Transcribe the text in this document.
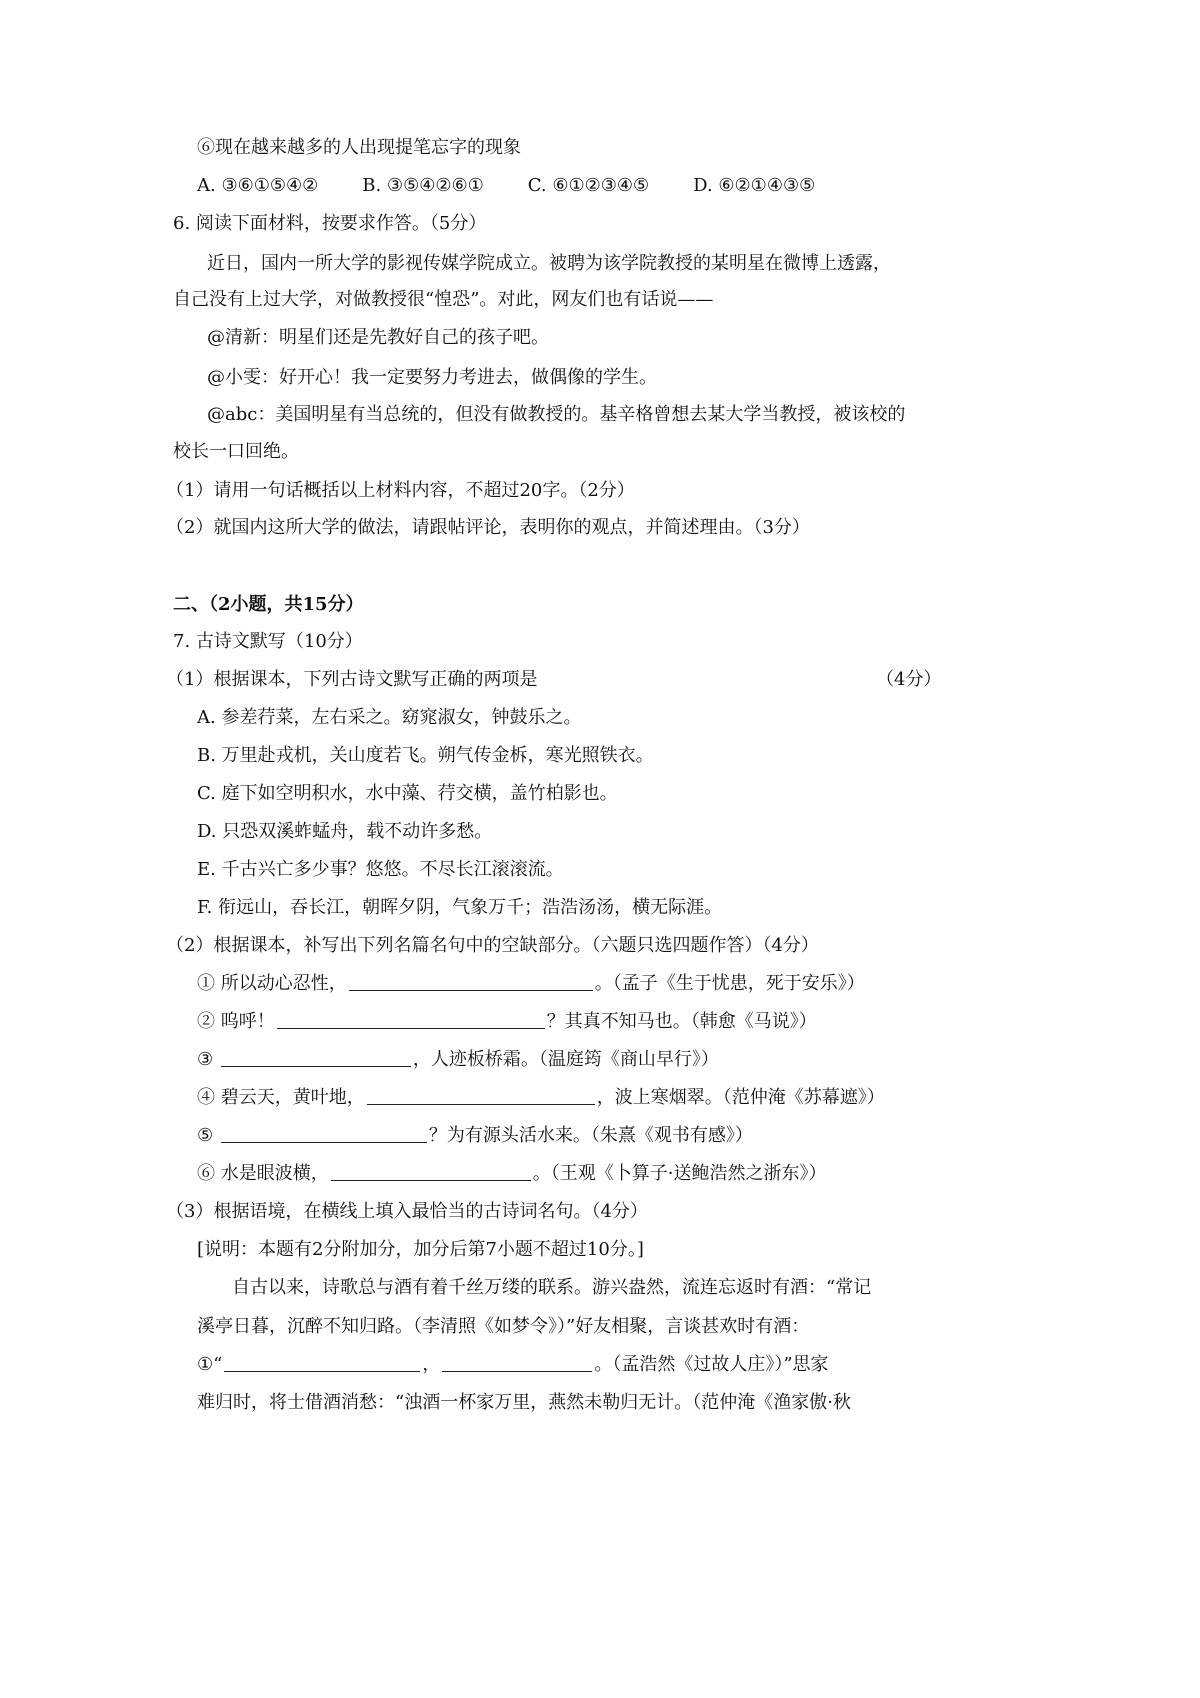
⑥现在越来越多的人出现提笔忘字的现象
A. ③⑥①⑤④② B. ③⑤④②⑥① C. ⑥①②③④⑤ D. ⑥②①④③⑤
6. 阅读下面材料，按要求作答。（5分）
近日，国内一所大学的影视传媒学院成立。被聘为该学院教授的某明星在微博上透露，
自己没有上过大学，对做教授很“惶恐”。对此，网友们也有话说——
@清新：明星们还是先教好自己的孩子吧。
@小雯：好开心！我一定要努力考进去，做偶像的学生。
@abc：美国明星有当总统的，但没有做教授的。基辛格曾想去某大学当教授，被该校的
校长一口回绝。
（1）请用一句话概括以上材料内容，不超过20字。（2分）
（2）就国内这所大学的做法，请跟帖评论，表明你的观点，并简述理由。（3分）
二、（2小题，共15分）
7. 古诗文默写（10分）
（1）根据课本，下列古诗文默写正确的两项是	（4分）
A. 参差荇菜，左右采之。窈窕淑女，钟鼓乐之。
B. 万里赴戎机，关山度若飞。朔气传金柝，寒光照铁衣。
C. 庭下如空明积水，水中藻、荇交横，盖竹柏影也。
D. 只恐双溪蚱蜢舟，载不动许多愁。
E. 千古兴亡多少事？悠悠。不尽长江滚滚流。
F. 衔远山，吞长江，朝晖夕阴，气象万千；浩浩汤汤，横无际涯。
（2）根据课本，补写出下列名篇名句中的空缺部分。（六题只选四题作答）（4分）
① 所以动心忍性，	。（孟子《生于忧患，死于安乐》）
② 呜呼！	？其真不知马也。（韩愈《马说》）
③	，人迹板桥霜。（温庭筠《商山早行》）
④ 碧云天，黄叶地，	，波上寒烟翠。（范仲淹《苏幕遮》）
⑤	？为有源头活水来。（朱熹《观书有感》）
⑥ 水是眼波横，	。（王观《卜算子·送鲍浩然之浙东》）
（3）根据语境，在横线上填入最恰当的古诗词名句。（4分）
[说明：本题有2分附加分，加分后第7小题不超过10分。]
自古以来，诗歌总与酒有着千丝万缕的联系。游兴盎然，流连忘返时有酒：“常记
溪亭日暮，沉醉不知归路。（李清照《如梦令》）”好友相聚，言谈甚欢时有酒：
①“	，	。（孟浩然《过故人庄》）”思家
难归时，将士借酒消愁：“浊酒一杯家万里，燕然未勒归无计。（范仲淹《渔家傲·秋
